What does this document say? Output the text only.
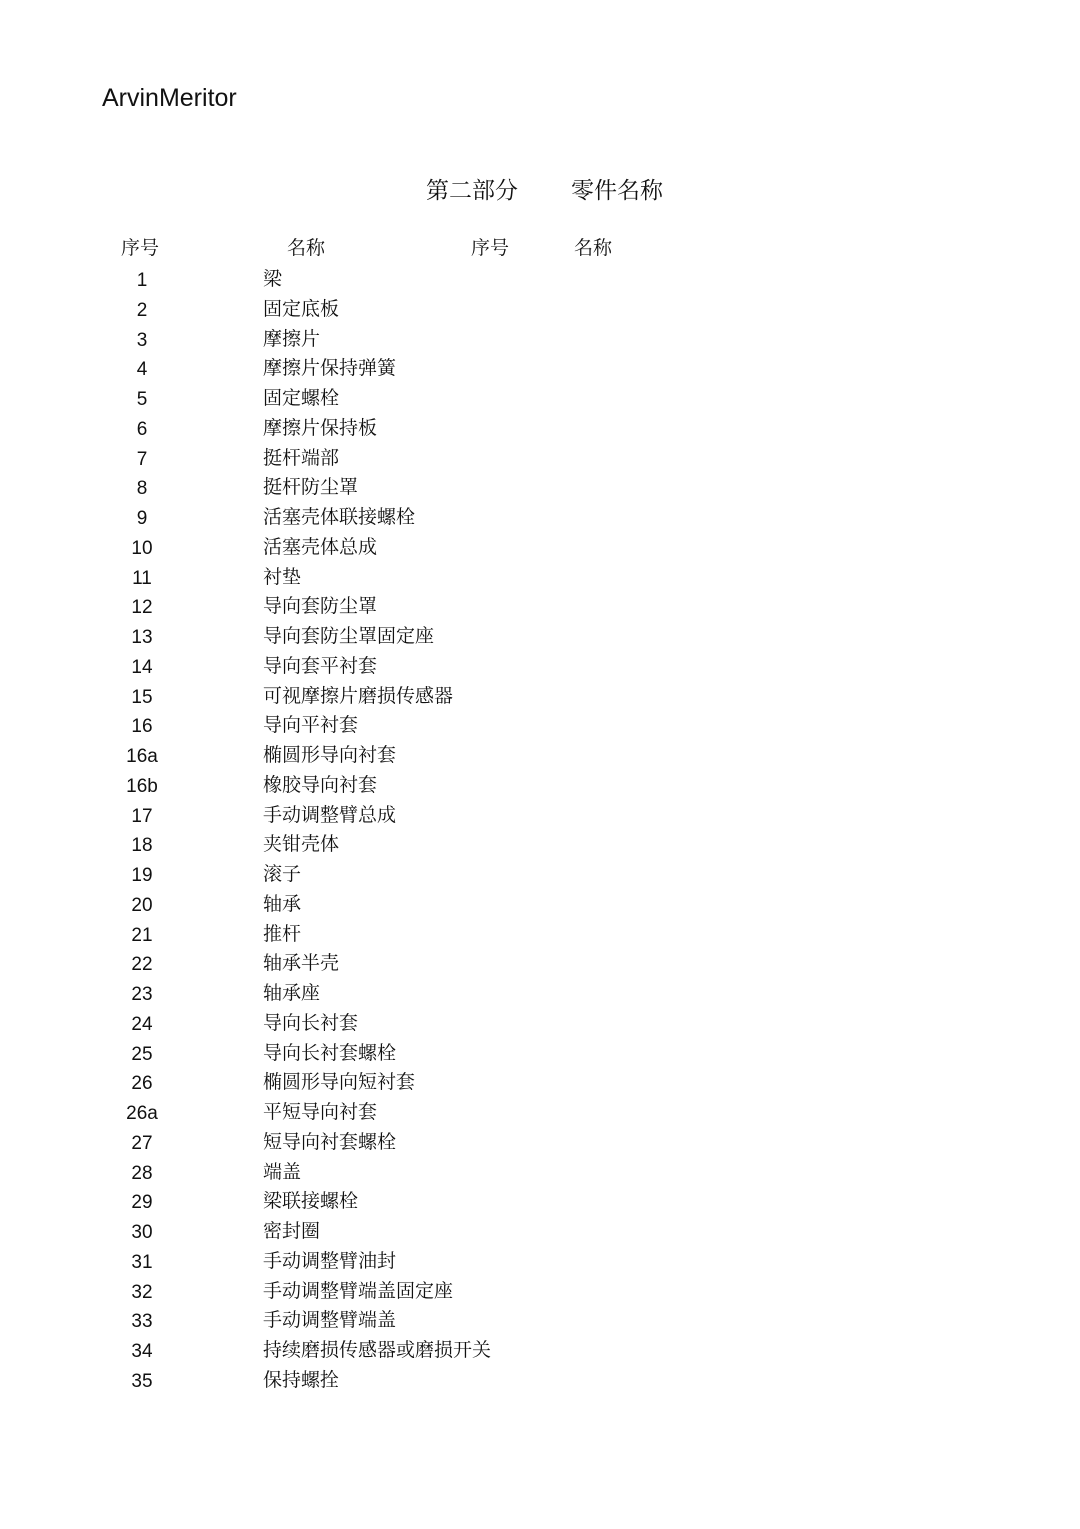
ArvinMeritor
第二部分 零件名称
序号	名称	序号	名称
1	梁
2	固定底板
3	摩擦片
4	摩擦片保持弹簧
5	固定螺栓
6	摩擦片保持板
7	挺杆端部
8	挺杆防尘罩
9	活塞壳体联接螺栓
10	活塞壳体总成
11	衬垫
12	导向套防尘罩
13	导向套防尘罩固定座
14	导向套平衬套
15	可视摩擦片磨损传感器
16	导向平衬套
16a	椭圆形导向衬套
16b	橡胶导向衬套
17	手动调整臂总成
18	夹钳壳体
19	滚子
20	轴承
21	推杆
22	轴承半壳
23	轴承座
24	导向长衬套
25	导向长衬套螺栓
26	椭圆形导向短衬套
26a	平短导向衬套
27	短导向衬套螺栓
28	端盖
29	梁联接螺栓
30	密封圈
31	手动调整臂油封
32	手动调整臂端盖固定座
33	手动调整臂端盖
34	持续磨损传感器或磨损开关
35	保持螺拴
